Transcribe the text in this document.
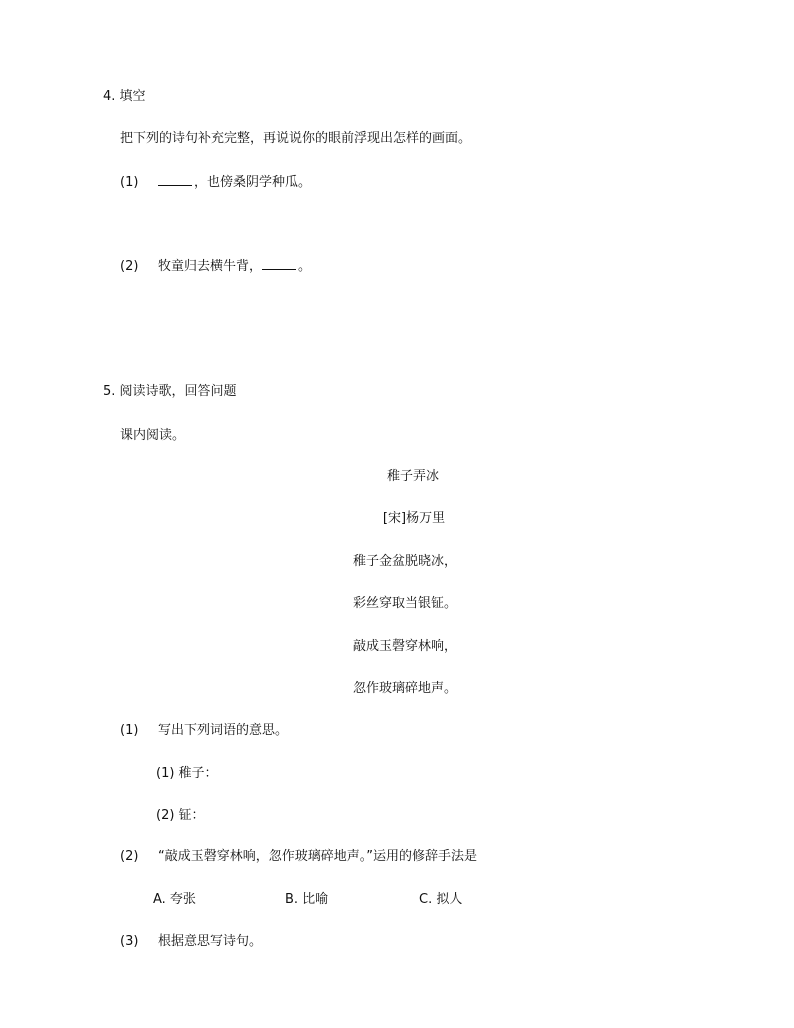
4. 填空
把下列的诗句补充完整，再说说你的眼前浮现出怎样的画面。
(1)	，也傍桑阴学种瓜。
(2) 牧童归去横牛背，	。
5. 阅读诗歌，回答问题
课内阅读。
稚子弄冰
[宋]杨万里
稚子金盆脱晓冰，
彩丝穿取当银钲。
敲成玉磬穿林响，
忽作玻璃碎地声。
(1) 写出下列词语的意思。
(1) 稚子：
(2) 钲：
(2) “敲成玉磬穿林响，忽作玻璃碎地声。”运用的修辞手法是
A. 夸张	B. 比喻	C. 拟人
(3) 根据意思写诗句。
